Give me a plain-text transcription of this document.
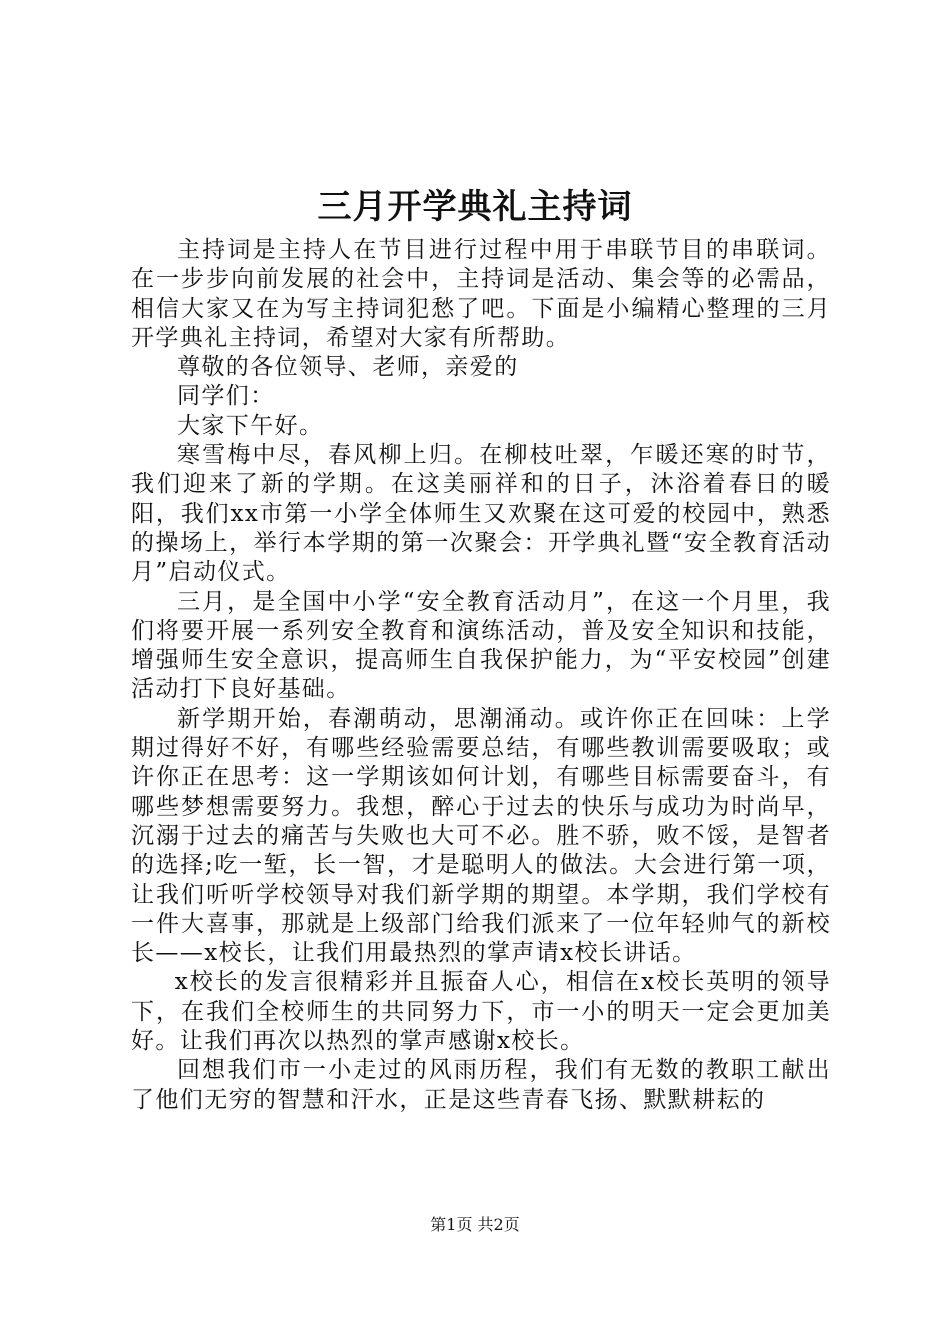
三月开学典礼主持词

主持词是主持人在节目进行过程中用于串联节目的串联词。在一步步向前发展的社会中，主持词是活动、集会等的必需品，相信大家又在为写主持词犯愁了吧。下面是小编精心整理的三月开学典礼主持词，希望对大家有所帮助。

尊敬的各位领导、老师，亲爱的

同学们：

大家下午好。

寒雪梅中尽，春风柳上归。在柳枝吐翠，乍暖还寒的时节，我们迎来了新的学期。在这美丽祥和的日子，沐浴着春日的暖阳，我们xx市第一小学全体师生又欢聚在这可爱的校园中，熟悉的操场上，举行本学期的第一次聚会：开学典礼暨“安全教育活动月”启动仪式。

三月，是全国中小学“安全教育活动月”，在这一个月里，我们将要开展一系列安全教育和演练活动，普及安全知识和技能，增强师生安全意识，提高师生自我保护能力，为“平安校园”创建活动打下良好基础。

新学期开始，春潮萌动，思潮涌动。或许你正在回味：上学期过得好不好，有哪些经验需要总结，有哪些教训需要吸取；或许你正在思考：这一学期该如何计划，有哪些目标需要奋斗，有哪些梦想需要努力。我想，醉心于过去的快乐与成功为时尚早，沉溺于过去的痛苦与失败也大可不必。胜不骄，败不馁，是智者的选择;吃一堑，长一智，才是聪明人的做法。大会进行第一项，让我们听听学校领导对我们新学期的期望。本学期，我们学校有一件大喜事，那就是上级部门给我们派来了一位年轻帅气的新校长——x校长，让我们用最热烈的掌声请x校长讲话。

x校长的发言很精彩并且振奋人心，相信在x校长英明的领导下，在我们全校师生的共同努力下，市一小的明天一定会更加美好。让我们再次以热烈的掌声感谢x校长。

回想我们市一小走过的风雨历程，我们有无数的教职工献出了他们无穷的智慧和汗水，正是这些青春飞扬、默默耕耘的

第1页 共2页
